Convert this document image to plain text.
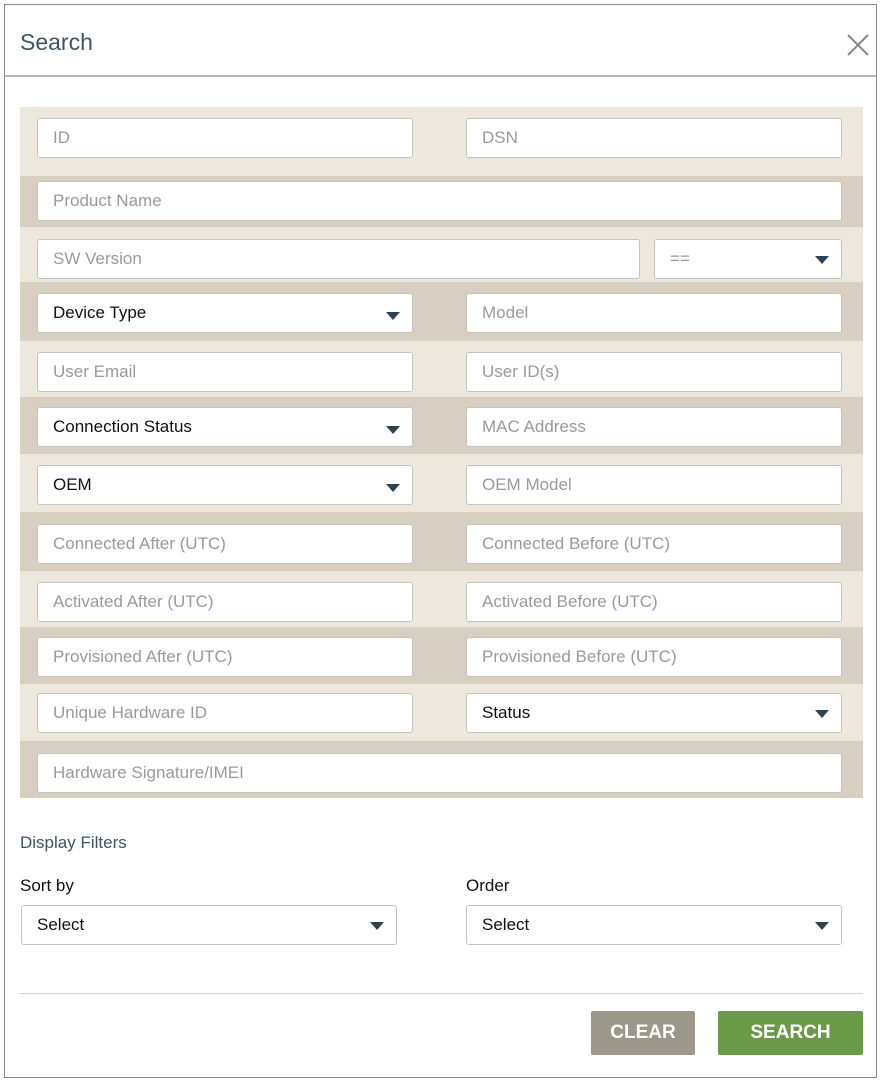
Search
ID	DSN
Product Name
SW Version	==
Device Type	Model
User Email	User ID(s)
Connection Status	MAC Address
OEM	OEM Model
Connected After (UTC)	Connected Before (UTC)
Activated After (UTC)	Activated Before (UTC)
Provisioned After (UTC)	Provisioned Before (UTC)
Unique Hardware ID	Status
Hardware Signature/IMEI
Display Filters
Sort by
Select
Order
Select
CLEAR	SEARCH
